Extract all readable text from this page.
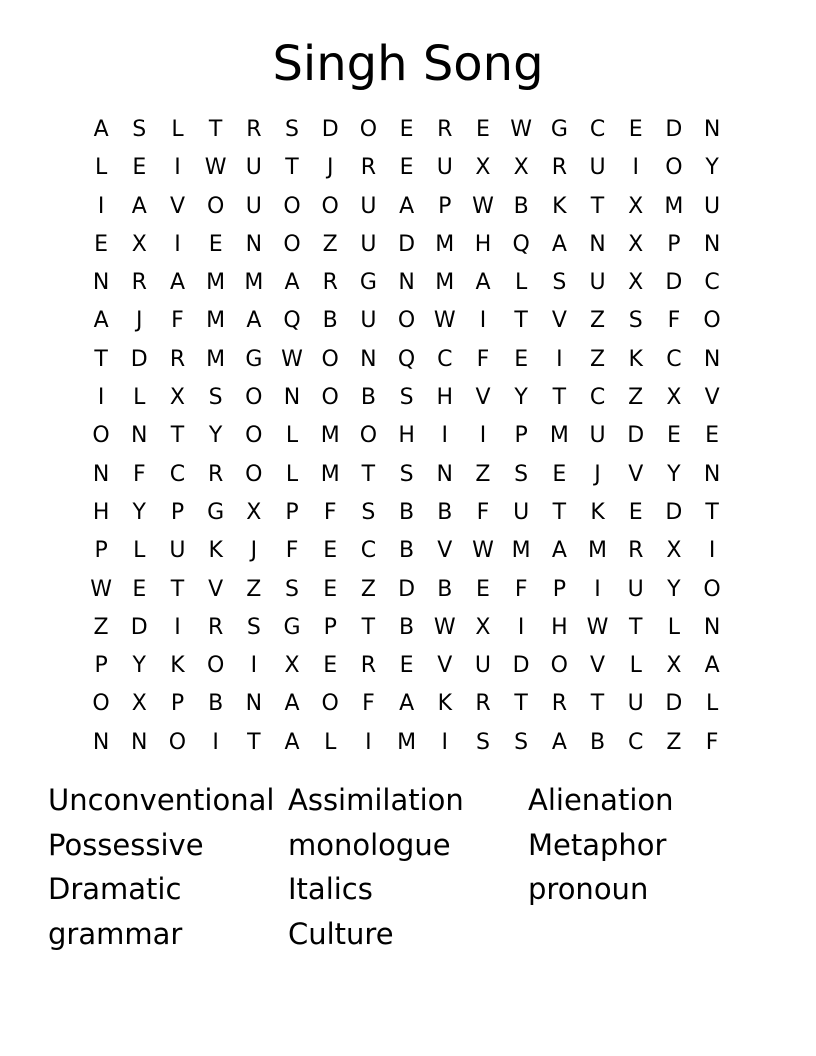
Singh Song
A	S	L	T	R	S	D O	E	R	E W G C	E	D N
L	E	I	W U	T	J	R	E	U	X	X	R	U	I	O	Y
I	A	V O U O O U	A	P W B	K	T	X M U
E	X	I	E	N O Z	U D M H Q	A	N	X	P	N
N	R	A M M A	R	G N M A	L	S	U	X	D	C
A	J	F	M A Q B	U O W	I	T	V	Z	S	F	O
T	D	R M G W O N Q C	F	E	I	Z	K	C	N
I	L	X	S	O N O B	S	H	V	Y	T	C	Z	X	V
O N	T	Y	O	L	M O H	I	I	P	M U D	E	E
N	F	C	R O	L	M T	S	N	Z	S	E	J	V	Y	N
H	Y	P	G	X	P	F	S	B	B	F	U	T	K	E	D	T
P	L	U	K	J	F	E	C	B	V W M A M R	X	I
W E	T	V	Z	S	E	Z	D	B	E	F	P	I	U	Y	O
Z	D	I	R	S	G	P	T	B W X	I	H W T	L	N
P	Y	K	O	I	X	E	R	E	V	U D O	V	L	X	A
O X	P	B	N	A O	F	A	K	R	T	R	T	U D	L
N N O	I	T	A	L	I	M	I	S	S	A	B	C	Z	F
Unconventional Assimilation	Alienation
Possessive	monologue	Metaphor
Dramatic	Italics	pronoun
grammar	Culture
